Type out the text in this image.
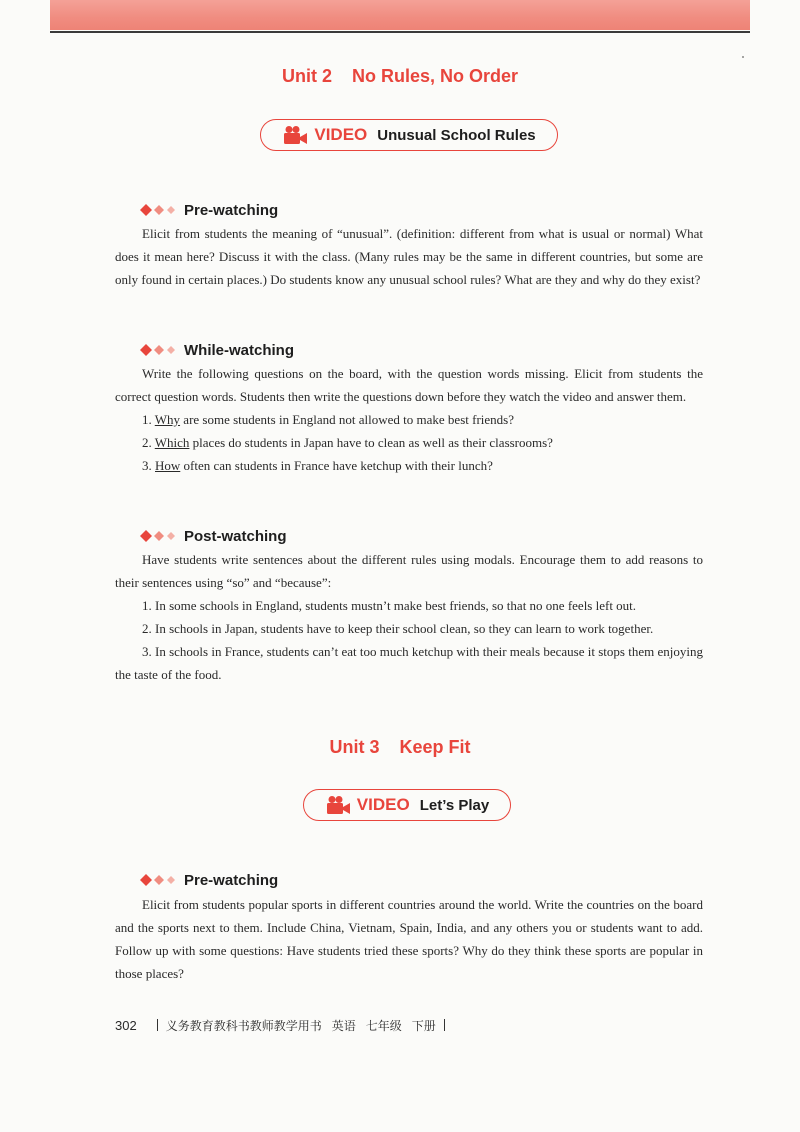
Unit 2    No Rules, No Order
VIDEO Unusual School Rules
Pre-watching

Elicit from students the meaning of “unusual”. (definition: different from what is usual or normal) What does it mean here? Discuss it with the class. (Many rules may be the same in different countries, but some are only found in certain places.) Do students know any unusual school rules? What are they and why do they exist?

While-watching

Write the following questions on the board, with the question words missing. Elicit from students the correct question words. Students then write the questions down before they watch the video and answer them.

1. Why are some students in England not allowed to make best friends?

2. Which places do students in Japan have to clean as well as their classrooms?

3. How often can students in France have ketchup with their lunch?

Post-watching

Have students write sentences about the different rules using modals. Encourage them to add reasons to their sentences using “so” and “because”:

1. In some schools in England, students mustn’t make best friends, so that no one feels left out.

2. In schools in Japan, students have to keep their school clean, so they can learn to work together.

3. In schools in France, students can’t eat too much ketchup with their meals because it stops them enjoying the taste of the food.

Unit 3    Keep Fit
VIDEO Let’s Play
Pre-watching

Elicit from students popular sports in different countries around the world. Write the countries on the board and the sports next to them. Include China, Vietnam, Spain, India, and any others you or students want to add. Follow up with some questions: Have students tried these sports? Why do they think these sports are popular in those places?

302 义务教育教科书教师教学用书 英语 七年级 下册
